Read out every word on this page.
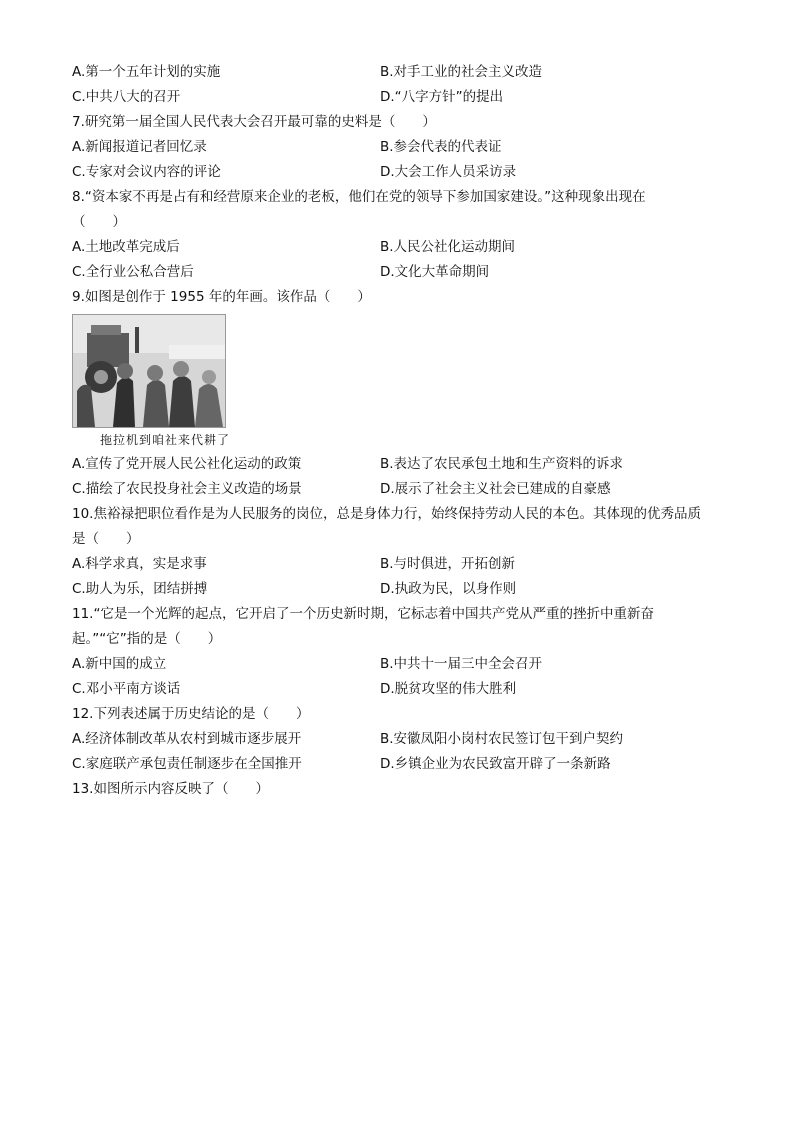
A.第一个五年计划的实施	B.对手工业的社会主义改造
C.中共八大的召开	D.“八字方针”的提出
7.研究第一届全国人民代表大会召开最可靠的史料是（　　）
A.新闻报道记者回忆录	B.参会代表的代表证
C.专家对会议内容的评论	D.大会工作人员采访录
8.“资本家不再是占有和经营原来企业的老板，他们在党的领导下参加国家建设。”这种现象出现在
（　　）
A.土地改革完成后	B.人民公社化运动期间
C.全行业公私合营后	D.文化大革命期间
9.如图是创作于 1955 年的年画。该作品（　　）
拖拉机到咱社来代耕了
A.宣传了党开展人民公社化运动的政策	B.表达了农民承包土地和生产资料的诉求
C.描绘了农民投身社会主义改造的场景	D.展示了社会主义社会已建成的自豪感
10.焦裕禄把职位看作是为人民服务的岗位，总是身体力行，始终保持劳动人民的本色。其体现的优秀品质
是（　　）
A.科学求真，实是求事	B.与时俱进，开拓创新
C.助人为乐，团结拼搏	D.执政为民，以身作则
11.“它是一个光辉的起点，它开启了一个历史新时期，它标志着中国共产党从严重的挫折中重新奋
起。”“它”指的是（　　）
A.新中国的成立	B.中共十一届三中全会召开
C.邓小平南方谈话	D.脱贫攻坚的伟大胜利
12.下列表述属于历史结论的是（　　）
A.经济体制改革从农村到城市逐步展开	B.安徽凤阳小岗村农民签订包干到户契约
C.家庭联产承包责任制逐步在全国推开	D.乡镇企业为农民致富开辟了一条新路
13.如图所示内容反映了（　　）
